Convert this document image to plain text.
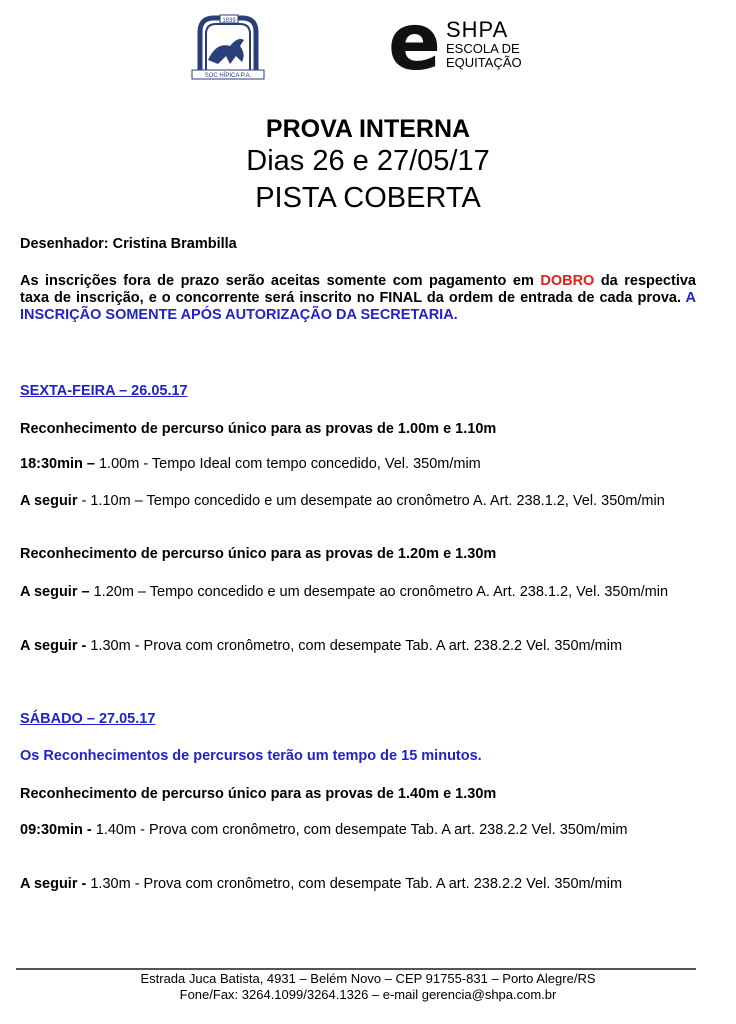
1939
SOC HÍPICA P.A. e SHPA
ESCOLA DE
EQUITAÇÃO
PROVA INTERNA
Dias 26 e 27/05/17
PISTA COBERTA
Desenhador: Cristina Brambilla
As inscrições fora de prazo serão aceitas somente com pagamento em DOBRO da respectiva taxa de inscrição, e o concorrente será inscrito no FINAL da ordem de entrada de cada prova. A INSCRIÇÃO SOMENTE APÓS AUTORIZAÇÃO DA SECRETARIA.
SEXTA-FEIRA – 26.05.17
Reconhecimento de percurso único para as provas de 1.00m e 1.10m
18:30min – 1.00m - Tempo Ideal com tempo concedido, Vel. 350m/mim
A seguir - 1.10m – Tempo concedido e um desempate ao cronômetro A. Art. 238.1.2, Vel. 350m/min
Reconhecimento de percurso único para as provas de 1.20m e 1.30m
A seguir – 1.20m – Tempo concedido e um desempate ao cronômetro A. Art. 238.1.2, Vel. 350m/min
A seguir - 1.30m - Prova com cronômetro, com desempate Tab. A art. 238.2.2 Vel. 350m/mim
SÁBADO – 27.05.17
Os Reconhecimentos de percursos terão um tempo de 15 minutos.
Reconhecimento de percurso único para as provas de 1.40m e 1.30m
09:30min - 1.40m - Prova com cronômetro, com desempate Tab. A art. 238.2.2 Vel. 350m/mim
A seguir - 1.30m - Prova com cronômetro, com desempate Tab. A art. 238.2.2 Vel. 350m/mim
Estrada Juca Batista, 4931 – Belém Novo – CEP 91755-831 – Porto Alegre/RS
Fone/Fax: 3264.1099/3264.1326 – e-mail gerencia@shpa.com.br
